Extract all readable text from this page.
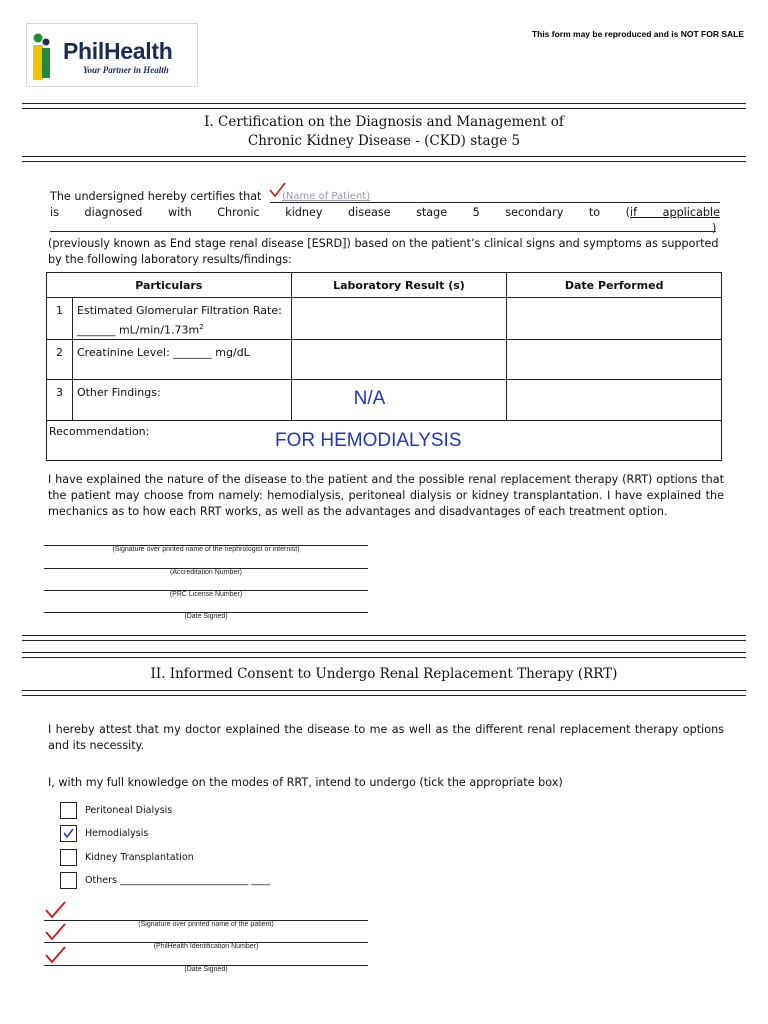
PhilHealth
Your Partner in Health
This form may be reproduced and is NOT FOR SALE
I. Certification on the Diagnosis and Management of
Chronic Kidney Disease - (CKD) stage 5
The undersigned hereby certifies that	(Name of Patient)
is diagnosed with Chronic kidney disease stage 5 secondary to (if applicable
)
(previously known as End stage renal disease [ESRD]) based on the patient’s clinical signs and symptoms as supported by the following laboratory results/findings:
Particulars		Laboratory Result (s)	Date Performed
1	Estimated Glomerular Filtration Rate:
_______ $mL/\min/1.73m^2$

2	Creatinine Level: _______ mg/dL		
3	Other Findings:	N/A	

Recommendation: FOR HEMODIALYSIS			
I have explained the nature of the disease to the patient and the possible renal replacement therapy (RRT) options that the patient may choose from namely: hemodialysis, peritoneal dialysis or kidney transplantation. I have explained the mechanics as to how each RRT works, as well as the advantages and disadvantages of each treatment option.
(Signature over printed name of the nephrologist or internist)
(Accreditation Number)
(PRC License Number)
(Date Signed)
II. Informed Consent to Undergo Renal Replacement Therapy (RRT)
I hereby attest that my doctor explained the disease to me as well as the different renal replacement therapy options and its necessity.
I, with my full knowledge on the modes of RRT, intend to undergo (tick the appropriate box)
Peritoneal Dialysis
Hemodialysis
Kidney Transplantation
Others ___________________________ ____
(Signature over printed name of the patient)
(PhilHealth Identification Number)
(Date Signed)
